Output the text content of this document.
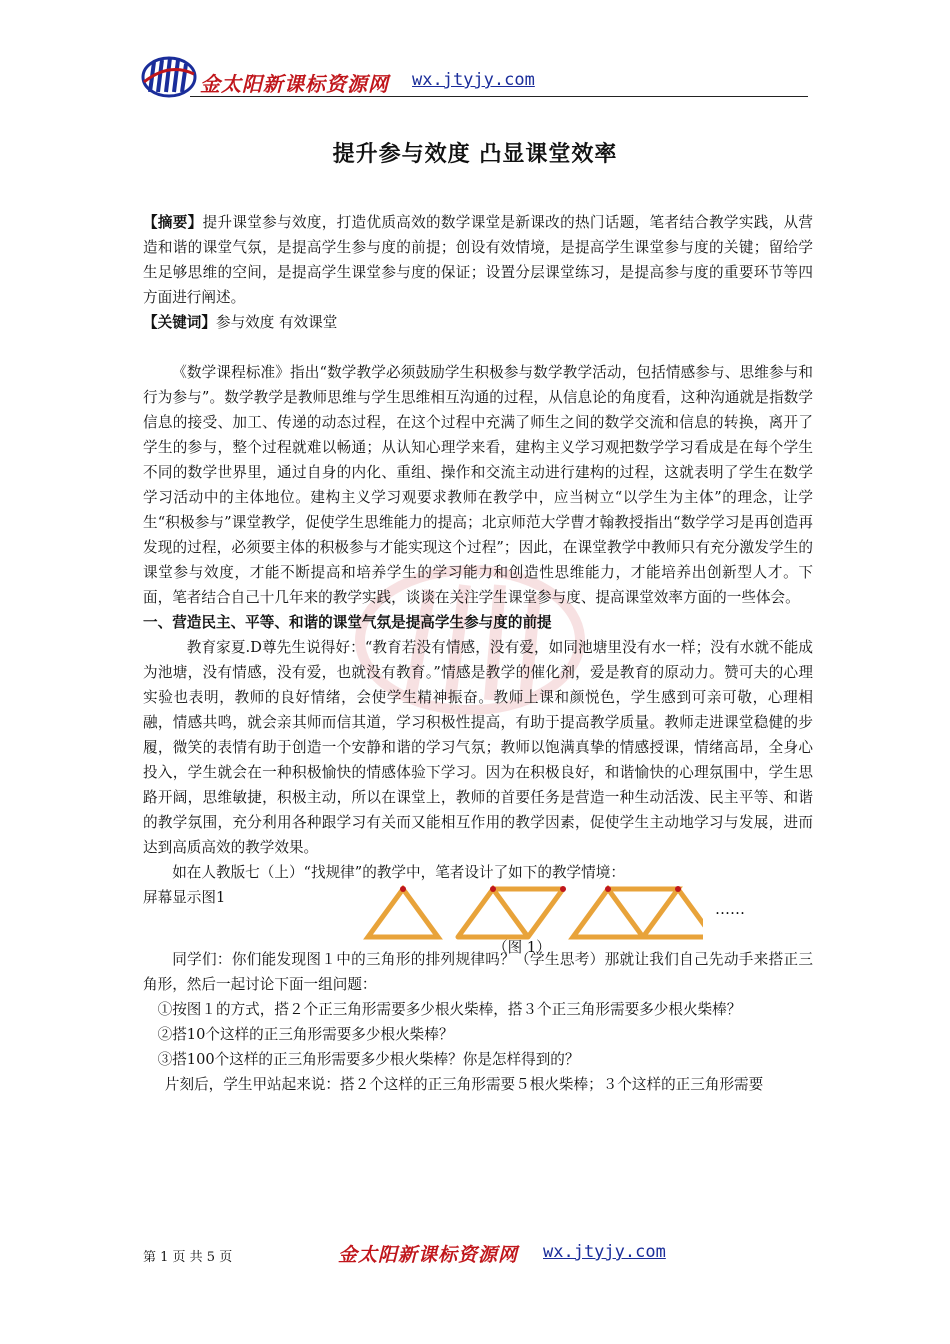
金太阳新课标资源网 wx.jtyjy.com
提升参与效度 凸显课堂效率

【摘要】提升课堂参与效度，打造优质高效的数学课堂是新课改的热门话题，笔者结合教学实践，从营造和谐的课堂气氛，是提高学生参与度的前提；创设有效情境，是提高学生课堂参与度的关键；留给学生足够思维的空间，是提高学生课堂参与度的保证；设置分层课堂练习，是提高参与度的重要环节等四方面进行阐述。

【关键词】参与效度 有效课堂

《数学课程标准》指出“数学教学必须鼓励学生积极参与数学教学活动，包括情感参与、思维参与和行为参与”。数学教学是教师思维与学生思维相互沟通的过程，从信息论的角度看，这种沟通就是指数学信息的接受、加工、传递的动态过程，在这个过程中充满了师生之间的数学交流和信息的转换，离开了学生的参与，整个过程就难以畅通；从认知心理学来看，建构主义学习观把数学学习看成是在每个学生不同的数学世界里，通过自身的内化、重组、操作和交流主动进行建构的过程，这就表明了学生在数学学习活动中的主体地位。建构主义学习观要求教师在教学中，应当树立“以学生为主体”的理念，让学生“积极参与”课堂教学，促使学生思维能力的提高；北京师范大学曹才翰教授指出“数学学习是再创造再发现的过程，必须要主体的积极参与才能实现这个过程”；因此，在课堂教学中教师只有充分激发学生的课堂参与效度，才能不断提高和培养学生的学习能力和创造性思维能力，才能培养出创新型人才。下面，笔者结合自己十几年来的教学实践，谈谈在关注学生课堂参与度、提高课堂效率方面的一些体会。

一、营造民主、平等、和谐的课堂气氛是提高学生参与度的前提

教育家夏.D尊先生说得好：“教育若没有情感，没有爱，如同池塘里没有水一样；没有水就不能成为池塘，没有情感，没有爱，也就没有教育。”情感是教学的催化剂，爱是教育的原动力。赞可夫的心理实验也表明，教师的良好情绪，会使学生精神振奋。教师上课和颜悦色，学生感到可亲可敬，心理相融，情感共鸣，就会亲其师而信其道，学习积极性提高，有助于提高教学质量。教师走进课堂稳健的步履，微笑的表情有助于创造一个安静和谐的学习气氛；教师以饱满真挚的情感授课，情绪高昂，全身心投入，学生就会在一种积极愉快的情感体验下学习。因为在积极良好，和谐愉快的心理氛围中，学生思路开阔，思维敏捷，积极主动，所以在课堂上，教师的首要任务是营造一种生动活泼、民主平等、和谐的教学氛围，充分利用各种跟学习有关而又能相互作用的教学因素，促使学生主动地学习与发展，进而达到高质高效的教学效果。

如在人教版七（上）“找规律”的教学中，笔者设计了如下的教学情境：

屏幕显示图1
……
（图 1）

同学们：你们能发现图１中的三角形的排列规律吗？（学生思考）那就让我们自己先动手来搭正三角形，然后一起讨论下面一组问题：

①按图１的方式，搭２个正三角形需要多少根火柴棒，搭３个正三角形需要多少根火柴棒？

②搭10个这样的正三角形需要多少根火柴棒？

③搭100个这样的正三角形需要多少根火柴棒？你是怎样得到的？

片刻后，学生甲站起来说：搭２个这样的正三角形需要５根火柴棒；３个这样的正三角形需要

第 1 页 共 5 页	金太阳新课标资源网 wx.jtyjy.com
